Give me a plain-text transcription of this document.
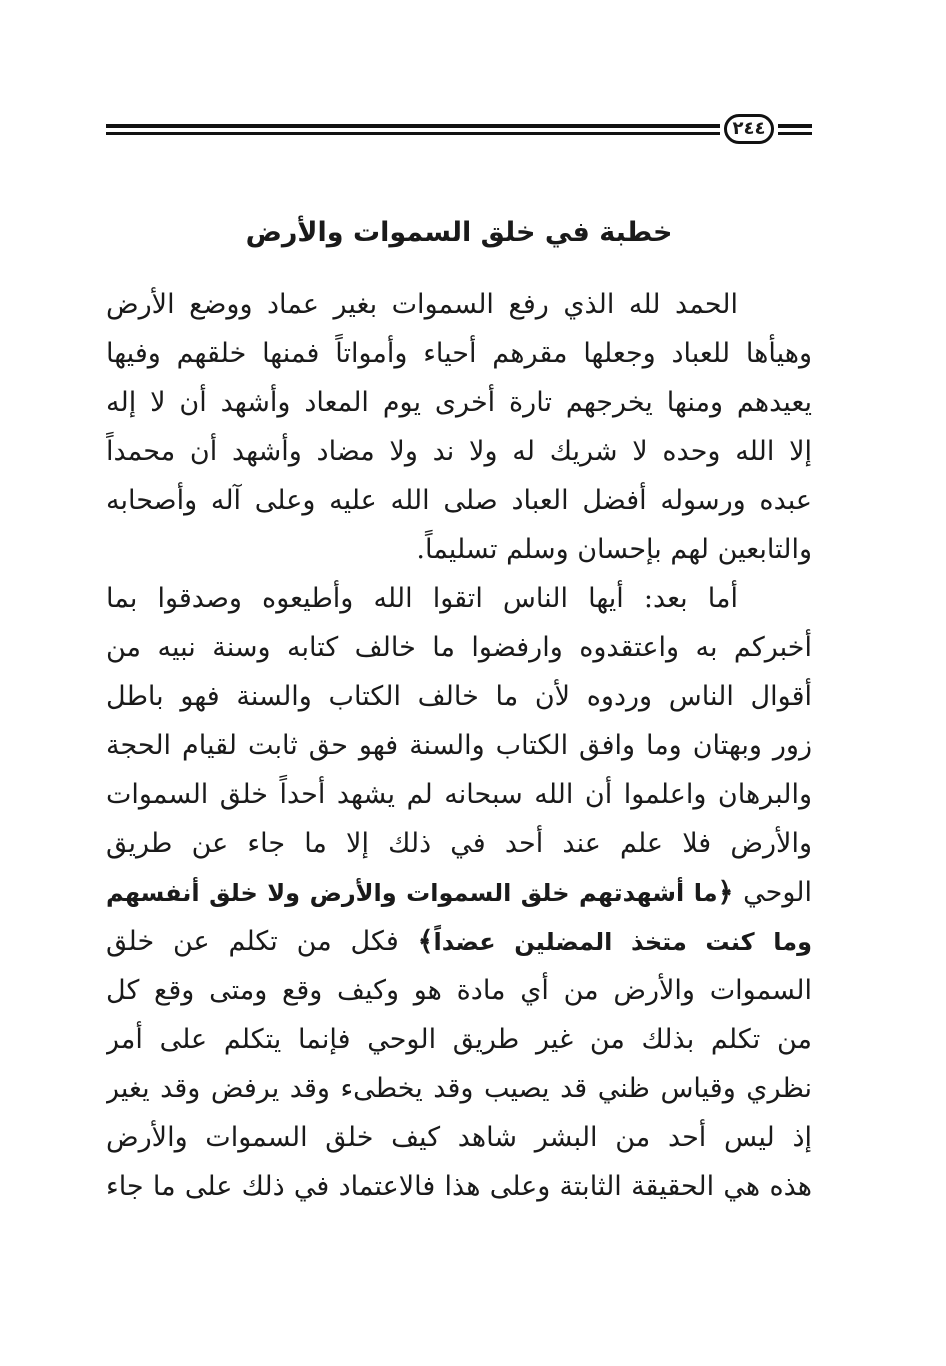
٢٤٤
خطبة في خلق السموات والأرض
الحمد لله الذي رفع السموات بغير عماد ووضع الأرض
وهيأها للعباد وجعلها مقرهم أحياء وأمواتاً فمنها خلقهم وفيها
يعيدهم ومنها يخرجهم تارة أخرى يوم المعاد وأشهد أن لا إله
إلا الله وحده لا شريك له ولا ند ولا مضاد وأشهد أن محمداً
عبده ورسوله أفضل العباد صلى الله عليه وعلى آله وأصحابه
والتابعين لهم بإحسان وسلم تسليماً.
أما بعد: أيها الناس اتقوا الله وأطيعوه وصدقوا بما
أخبركم به واعتقدوه وارفضوا ما خالف كتابه وسنة نبيه من
أقوال الناس وردوه لأن ما خالف الكتاب والسنة فهو باطل
زور وبهتان وما وافق الكتاب والسنة فهو حق ثابت لقيام الحجة
والبرهان واعلموا أن الله سبحانه لم يشهد أحداً خلق السموات
والأرض فلا علم عند أحد في ذلك إلا ما جاء عن طريق
الوحي ﴿ما أشهدتهم خلق السموات والأرض ولا خلق أنفسهم
وما كنت متخذ المضلين عضداً﴾ فكل من تكلم عن خلق
السموات والأرض من أي مادة هو وكيف وقع ومتى وقع كل
من تكلم بذلك من غير طريق الوحي فإنما يتكلم على أمر
نظري وقياس ظني قد يصيب وقد يخطىء وقد يرفض وقد يغير
إذ ليس أحد من البشر شاهد كيف خلق السموات والأرض
هذه هي الحقيقة الثابتة وعلى هذا فالاعتماد في ذلك على ما جاء
